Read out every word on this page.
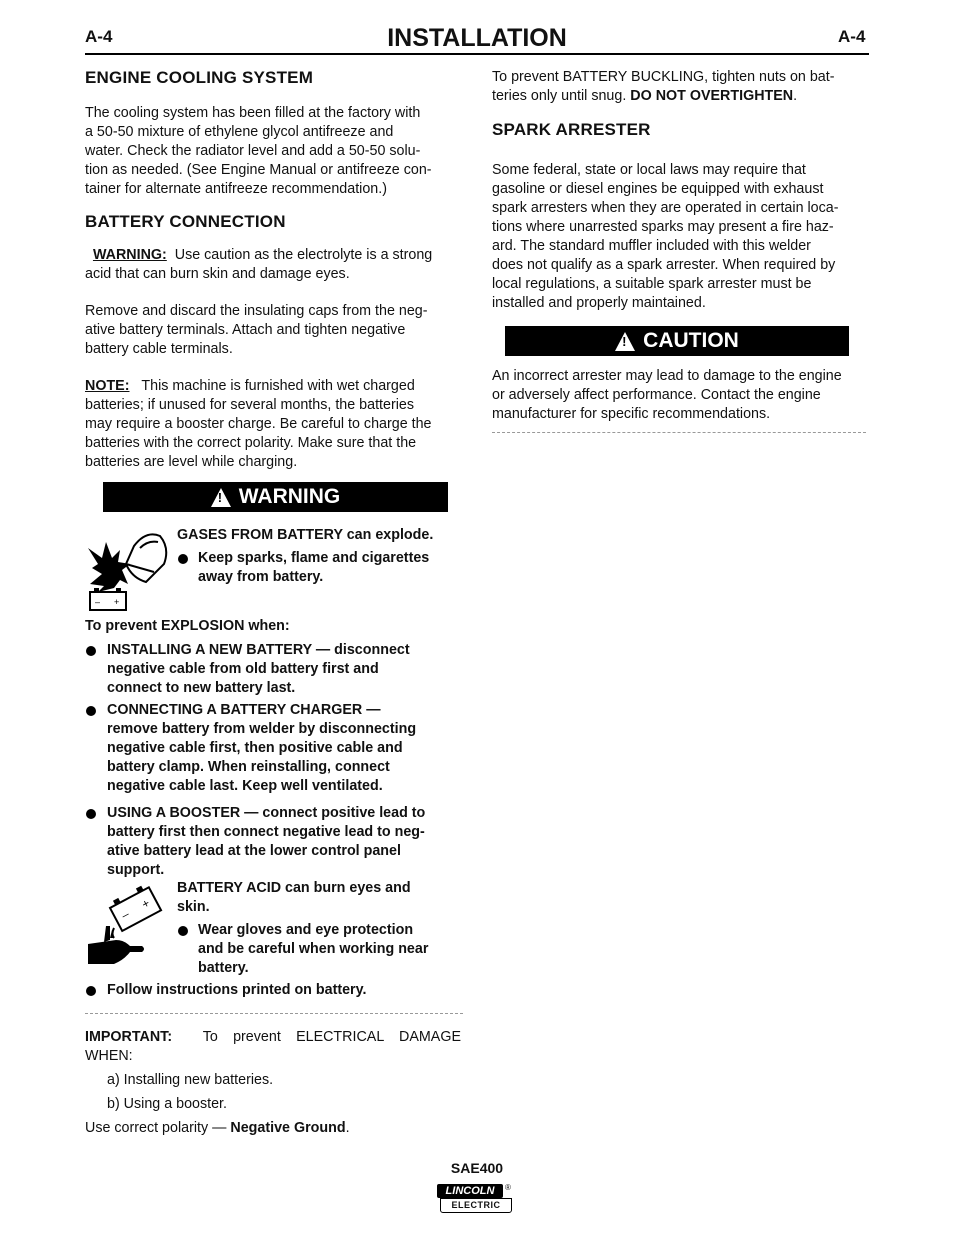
A-4	INSTALLATION	A-4
ENGINE COOLING SYSTEM

The cooling system has been filled at the factory with

a 50-50 mixture of ethylene glycol antifreeze and

water. Check the radiator level and add a 50-50 solu-

tion as needed. (See Engine Manual or antifreeze con-

tainer for alternate antifreeze recommendation.)

BATTERY CONNECTION

WARNING: Use caution as the electrolyte is a strong

acid that can burn skin and damage eyes.

Remove and discard the insulating caps from the neg-

ative battery terminals. Attach and tighten negative

battery cable terminals.

NOTE: This machine is furnished with wet charged

batteries; if unused for several months, the batteries

may require a booster charge. Be careful to charge the

batteries with the correct polarity. Make sure that the

batteries are level while charging.

!
WARNING
– +
GASES FROM BATTERY can explode.
Keep sparks, flame and cigarettes
away from battery.
To prevent EXPLOSION when:
INSTALLING A NEW BATTERY — disconnect
negative cable from old battery first and
connect to new battery last.
CONNECTING A BATTERY CHARGER —
remove battery from welder by disconnecting
negative cable first, then positive cable and
battery clamp. When reinstalling, connect
negative cable last. Keep well ventilated.
USING A BOOSTER — connect positive lead to
battery first then connect negative lead to neg-
ative battery lead at the lower control panel
support.
–
+
BATTERY ACID can burn eyes and
skin.
Wear gloves and eye protection
and be careful when working near
battery.
Follow instructions printed on battery.

IMPORTANT: To prevent ELECTRICAL DAMAGE

WHEN:

a) Installing new batteries.
b) Using a booster.
Use correct polarity — Negative Ground.

To prevent BATTERY BUCKLING, tighten nuts on bat-

teries only until snug. DO NOT OVERTIGHTEN.

SPARK ARRESTER

Some federal, state or local laws may require that

gasoline or diesel engines be equipped with exhaust

spark arresters when they are operated in certain loca-

tions where unarrested sparks may present a fire haz-

ard. The standard muffler included with this welder

does not qualify as a spark arrester. When required by

local regulations, a suitable spark arrester must be

installed and properly maintained.

!
CAUTION

An incorrect arrester may lead to damage to the engine

or adversely affect performance. Contact the engine

manufacturer for specific recommendations.

SAE400
LINCOLN	®
ELECTRIC
